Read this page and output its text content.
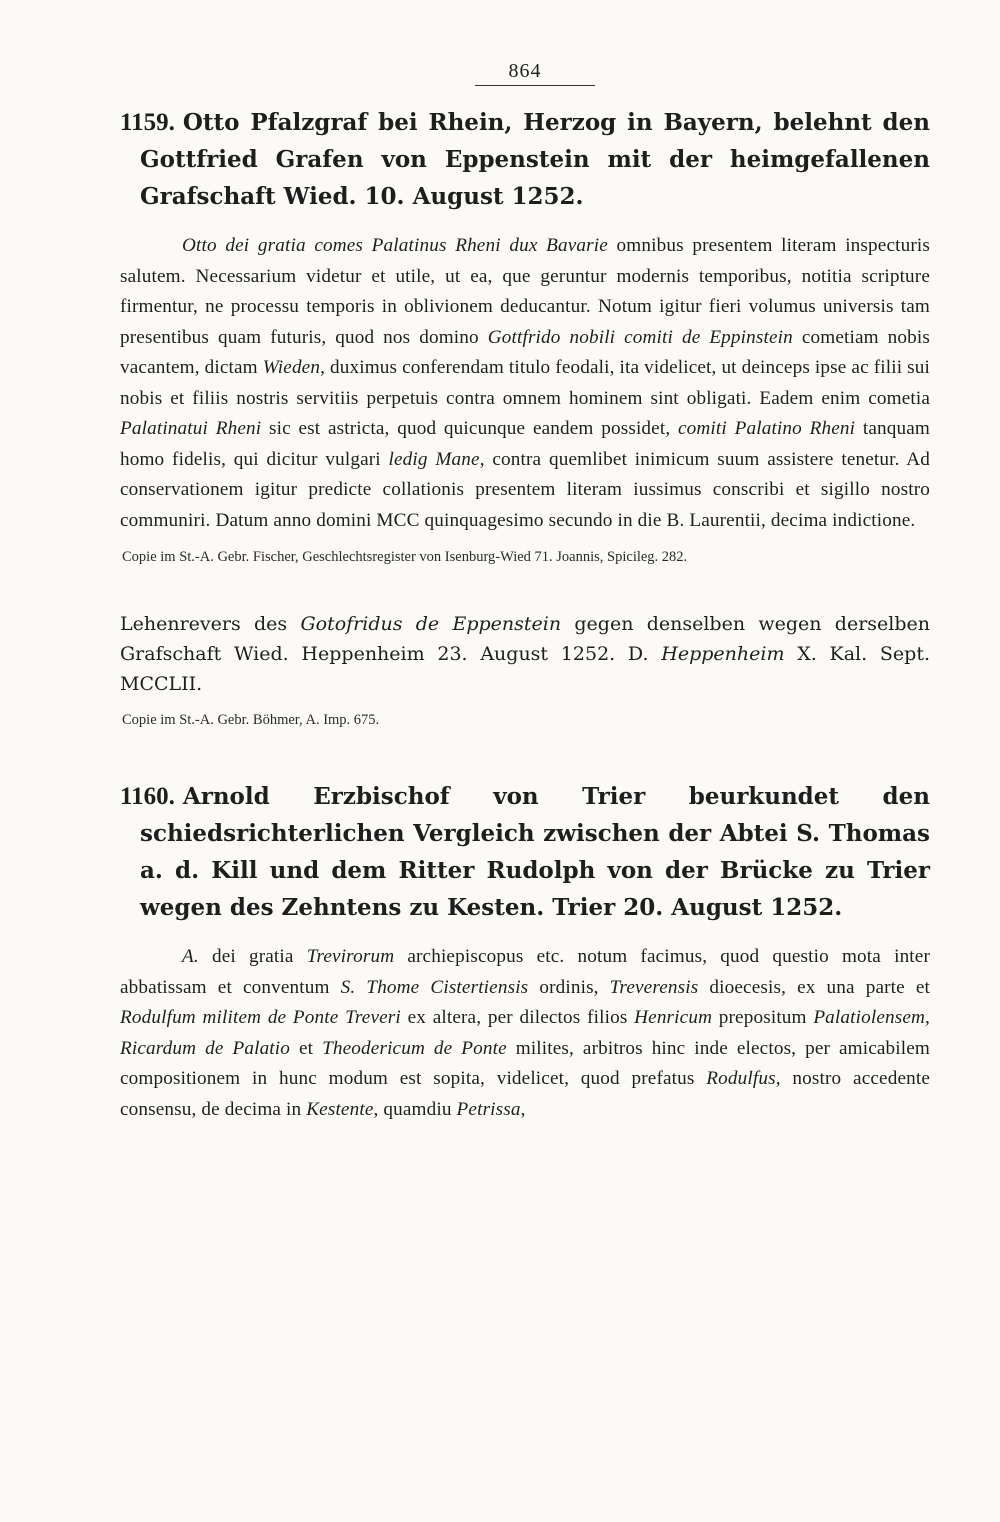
864

1159. Otto Pfalzgraf bei Rhein, Herzog in Bayern, belehnt den Gottfried Grafen von Eppenstein mit der heimgefallenen Grafschaft Wied. 10. August 1252.

Otto dei gratia comes Palatinus Rheni dux Bavarie omnibus presentem literam inspecturis salutem. Necessarium videtur et utile, ut ea, que geruntur modernis temporibus, notitia scripture firmentur, ne processu temporis in oblivionem deducantur. Notum igitur fieri volumus universis tam presentibus quam futuris, quod nos domino Gottfrido nobili comiti de Eppinstein cometiam nobis vacantem, dictam Wieden, duximus conferendam titulo feodali, ita videlicet, ut deinceps ipse ac filii sui nobis et filiis nostris servitiis perpetuis contra omnem hominem sint obligati. Eadem enim cometia Palatinatui Rheni sic est astricta, quod quicunque eandem possidet, comiti Palatino Rheni tanquam homo fidelis, qui dicitur vulgari ledig Mane, contra quemlibet inimicum suum assistere tenetur. Ad conservationem igitur predicte collationis presentem literam iussimus conscribi et sigillo nostro communiri. Datum anno domini MCC quinquagesimo secundo in die B. Laurentii, decima indictione.

Copie im St.-A. Gebr. Fischer, Geschlechtsregister von Isenburg-Wied 71. Joannis, Spicileg. 282.

Lehenrevers des Gotofridus de Eppenstein gegen denselben wegen derselben Grafschaft Wied. Heppenheim 23. August 1252. D. Heppenheim X. Kal. Sept. MCCLII.

Copie im St.-A. Gebr. Böhmer, A. Imp. 675.

1160. Arnold Erzbischof von Trier beurkundet den schiedsrichterlichen Vergleich zwischen der Abtei S. Thomas a. d. Kill und dem Ritter Rudolph von der Brücke zu Trier wegen des Zehntens zu Kesten. Trier 20. August 1252.

A. dei gratia Trevirorum archiepiscopus etc. notum facimus, quod questio mota inter abbatissam et conventum S. Thome Cistertiensis ordinis, Treverensis dioecesis, ex una parte et Rodulfum militem de Ponte Treveri ex altera, per dilectos filios Henricum prepositum Palatiolensem, Ricardum de Palatio et Theodericum de Ponte milites, arbitros hinc inde electos, per amicabilem compositionem in hunc modum est sopita, videlicet, quod prefatus Rodulfus, nostro accedente consensu, de decima in Kestente, quamdiu Petrissa,
